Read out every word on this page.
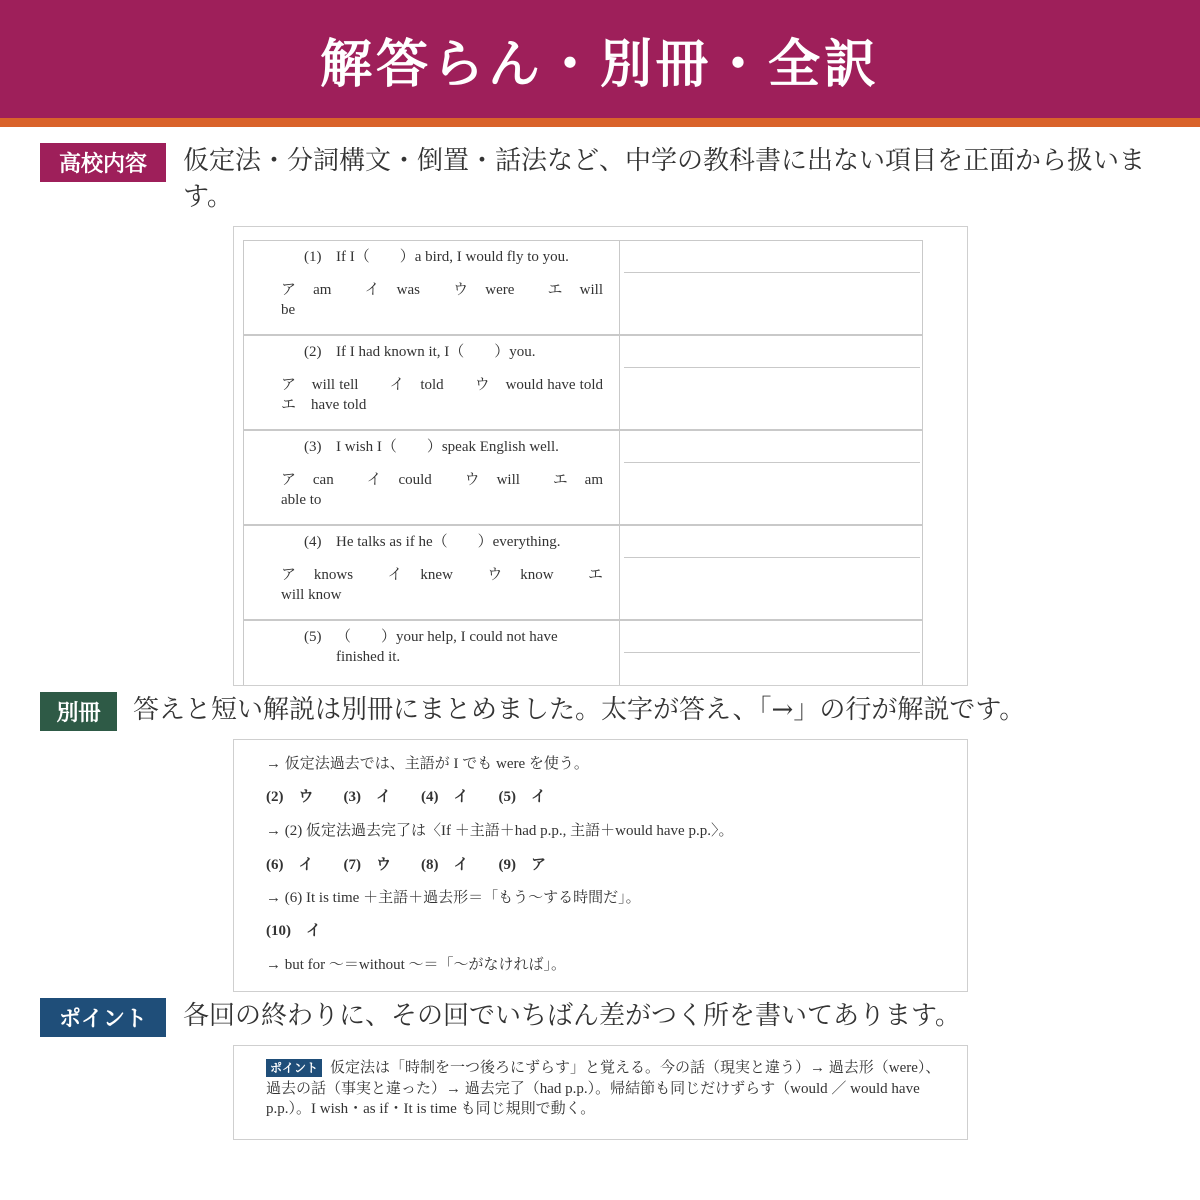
解答らん・別冊・全訳
高校内容	仮定法・分詞構文・倒置・話法など、中学の教科書に出ない項目を正面から扱います。
(1) If I（　　）a bird, I would fly to you.
ア　am　　イ　was　　ウ　were　　エ　will be
(2) If I had known it, I（　　）you.
ア　will tell　　イ　told　　ウ　would have told　　エ　have told
(3) I wish I（　　）speak English well.
ア　can　　イ　could　　ウ　will　　エ　am able to
(4) He talks as if he（　　）everything.
ア　knows　　イ　knew　　ウ　know　　エ　will know
(5) （　　）your help, I could not have finished it.
別冊	答えと短い解説は別冊にまとめました。太字が答え、「→」の行が解説です。
→ 仮定法過去では、主語が I でも were を使う。
(2)　ウ　　(3)　イ　　(4)　イ　　(5)　イ
→ (2) 仮定法過去完了は〈If ＋主語＋had p.p., 主語＋would have p.p.〉。
(6)　イ　　(7)　ウ　　(8)　イ　　(9)　ア
→ (6) It is time ＋主語＋過去形＝「もう～する時間だ」。
(10)　イ
→ but for ～＝without ～＝「～がなければ」。
ポイント	各回の終わりに、その回でいちばん差がつく所を書いてあります。
ポイント 仮定法は「時制を一つ後ろにずらす」と覚える。今の話（現実と違う）→ 過去形（were）、過去の話（事実と違った）→ 過去完了（had p.p.）。帰結節も同じだけずらす（would ／ would have p.p.）。I wish・as if・It is time も同じ規則で動く。
